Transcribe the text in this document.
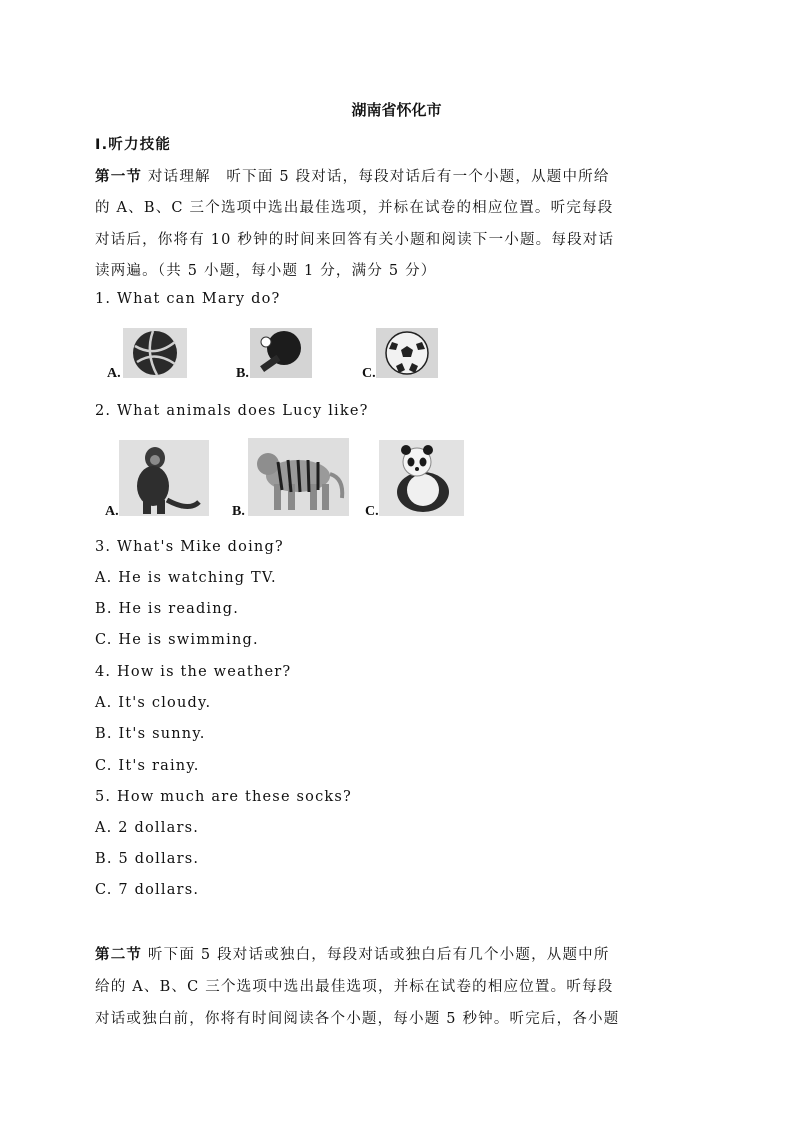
湖南省怀化市
I.听力技能
第一节 对话理解　听下面 5 段对话，每段对话后有一个小题，从题中所给
的 A、B、C 三个选项中选出最佳选项，并标在试卷的相应位置。听完每段
对话后，你将有 10 秒钟的时间来回答有关小题和阅读下一小题。每段对话
读两遍。（共 5 小题，每小题 1 分，满分 5 分）
1. What can Mary do?
A.	B.	C.
2. What animals does Lucy like?
A.	B.	C.
3. What's Mike doing?
A. He is watching TV.
B. He is reading.
C. He is swimming.
4. How is the weather?
A. It's cloudy.
B. It's sunny.
C. It's rainy.
5. How much are these socks?
A. 2 dollars.
B. 5 dollars.
C. 7 dollars.
第二节 听下面 5 段对话或独白，每段对话或独白后有几个小题，从题中所
给的 A、B、C 三个选项中选出最佳选项，并标在试卷的相应位置。听每段
对话或独白前，你将有时间阅读各个小题，每小题 5 秒钟。听完后，各小题
